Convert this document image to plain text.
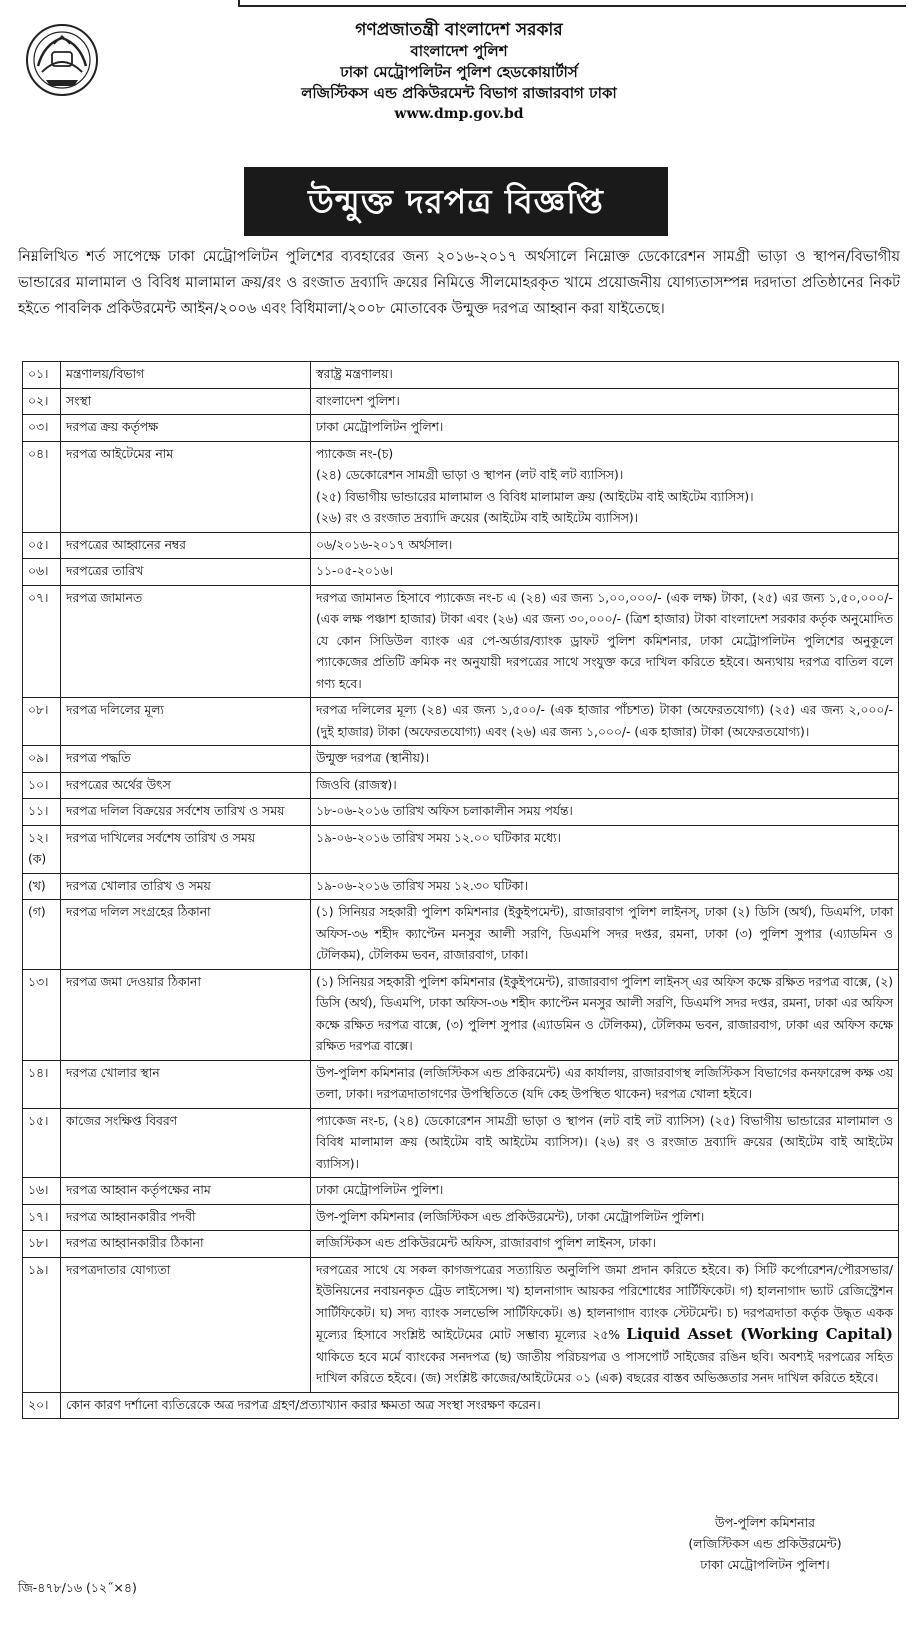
গণপ্রজাতন্ত্রী বাংলাদেশ সরকার
বাংলাদেশ পুলিশ
ঢাকা মেট্রোপলিটন পুলিশ হেডকোয়ার্টার্স
লজিস্টিকস এন্ড প্রকিউরমেন্ট বিভাগ রাজারবাগ ঢাকা
www.dmp.gov.bd
উন্মুক্ত দরপত্র বিজ্ঞপ্তি
নিম্নলিখিত শর্ত সাপেক্ষে ঢাকা মেট্রোপলিটন পুলিশের ব্যবহারের জন্য ২০১৬-২০১৭ অর্থসালে নিম্নোক্ত ডেকোরেশন সামগ্রী ভাড়া ও স্থাপন/বিভাগীয় ভান্ডারের মালামাল ও বিবিধ মালামাল ক্রয়/রং ও রংজাত দ্রব্যাদি ক্রয়ের নিমিত্তে সীলমোহরকৃত খামে প্রয়োজনীয় যোগ্যতাসম্পন্ন দরদাতা প্রতিষ্ঠানের নিকট হইতে পাবলিক প্রকিউরমেন্ট আইন/২০০৬ এবং বিধিমালা/২০০৮ মোতাবেক উন্মুক্ত দরপত্র আহ্বান করা যাইতেছে।
০১।	মন্ত্রণালয়/বিভাগ	স্বরাষ্ট্র মন্ত্রণালয়।
০২।	সংস্থা	বাংলাদেশ পুলিশ।
০৩।	দরপত্র ক্রয় কর্তৃপক্ষ	ঢাকা মেট্রোপলিটন পুলিশ।
০৪।	দরপত্র আইটেমের নাম	প্যাকেজ নং-(চ)
(২৪) ডেকোরেশন সামগ্রী ভাড়া ও স্থাপন (লট বাই লট ব্যাসিস)।
(২৫) বিভাগীয় ভান্ডারের মালামাল ও বিবিধ মালামাল ক্রয় (আইটেম বাই আইটেম ব্যাসিস)।
(২৬) রং ও রংজাত দ্রব্যাদি ক্রয়ের (আইটেম বাই আইটেম ব্যাসিস)।

০৫।	দরপত্রের আহ্বানের নম্বর	০৬/২০১৬-২০১৭ অর্থসাল।
০৬।	দরপত্রের তারিখ	১১-০৫-২০১৬।
০৭।	দরপত্র জামানত	দরপত্র জামানত হিসাবে প্যাকেজ নং-চ এ (২৪) এর জন্য ১,০০,০০০/- (এক লক্ষ) টাকা, (২৫) এর জন্য ১,৫০,০০০/- (এক লক্ষ পঞ্চাশ হাজার) টাকা এবং (২৬) এর জন্য ৩০,০০০/- (ত্রিশ হাজার) টাকা বাংলাদেশ সরকার কর্তৃক অনুমোদিত যে কোন সিডিউল ব্যাংক এর পে-অর্ডার/ব্যাংক ড্রাফট পুলিশ কমিশনার, ঢাকা মেট্রোপলিটন পুলিশের অনুকূলে প্যাকেজের প্রতিটি ক্রমিক নং অনুযায়ী দরপত্রের সাথে সংযুক্ত করে দাখিল করিতে হইবে। অন্যথায় দরপত্র বাতিল বলে গণ্য হবে।
০৮।	দরপত্র দলিলের মূল্য	দরপত্র দলিলের মূল্য (২৪) এর জন্য ১,৫০০/- (এক হাজার পাঁচশত) টাকা (অফেরতযোগ্য) (২৫) এর জন্য ২,০০০/- (দুই হাজার) টাকা (অফেরতযোগ্য) এবং (২৬) এর জন্য ১,০০০/- (এক হাজার) টাকা (অফেরতযোগ্য)।
০৯।	দরপত্র পদ্ধতি	উন্মুক্ত দরপত্র (স্থানীয়)।
১০।	দরপত্রের অর্থের উৎস	জিওবি (রাজস্ব)।
১১।	দরপত্র দলিল বিক্রয়ের সর্বশেষ তারিখ ও সময়	১৮-০৬-২০১৬ তারিখ অফিস চলাকালীন সময় পর্যন্ত।
১২।(ক)	দরপত্র দাখিলের সর্বশেষ তারিখ ও সময়	১৯-০৬-২০১৬ তারিখ সময় ১২.০০ ঘটিকার মধ্যে।
(খ)	দরপত্র খোলার তারিখ ও সময়	১৯-০৬-২০১৬ তারিখ সময় ১২.৩০ ঘটিকা।
(গ)	দরপত্র দলিল সংগ্রহের ঠিকানা	(১) সিনিয়র সহকারী পুলিশ কমিশনার (ইকুইপমেন্ট), রাজারবাগ পুলিশ লাইনস্, ঢাকা (২) ডিসি (অর্থ), ডিএমপি, ঢাকা অফিস-৩৬ শহীদ ক্যাপ্টেন মনসুর আলী সরণি, ডিএমপি সদর দপ্তর, রমনা, ঢাকা (৩) পুলিশ সুপার (এ্যাডমিন ও টেলিকম), টেলিকম ভবন, রাজারবাগ, ঢাকা।
১৩।	দরপত্র জমা দেওয়ার ঠিকানা	(১) সিনিয়র সহকারী পুলিশ কমিশনার (ইকুইপমেন্ট), রাজারবাগ পুলিশ লাইনস্ এর অফিস কক্ষে রক্ষিত দরপত্র বাক্সে, (২) ডিসি (অর্থ), ডিএমপি, ঢাকা অফিস-৩৬ শহীদ ক্যাপ্টেন মনসুর আলী সরণি, ডিএমপি সদর দপ্তর, রমনা, ঢাকা এর অফিস কক্ষে রক্ষিত দরপত্র বাক্সে, (৩) পুলিশ সুপার (এ্যাডমিন ও টেলিকম), টেলিকম ভবন, রাজারবাগ, ঢাকা এর অফিস কক্ষে রক্ষিত দরপত্র বাক্সে।
১৪।	দরপত্র খোলার স্থান	উপ-পুলিশ কমিশনার (লজিস্টিকস এন্ড প্রকিরমেন্ট) এর কার্যালয়, রাজারবাগস্থ লজিস্টিকস বিভাগের কনফারেন্স কক্ষ ৩য় তলা, ঢাকা। দরপত্রদাতাগণের উপস্থিতিতে (যদি কেহ উপস্থিত থাকেন) দরপত্র খোলা হইবে।
১৫।	কাজের সংক্ষিপ্ত বিবরণ	প্যাকেজ নং-চ, (২৪) ডেকোরেশন সামগ্রী ভাড়া ও স্থাপন (লট বাই লট ব্যাসিস) (২৫) বিভাগীয় ভান্ডারের মালামাল ও বিবিধ মালামাল ক্রয় (আইটেম বাই আইটেম ব্যাসিস)। (২৬) রং ও রংজাত দ্রব্যাদি ক্রয়ের (আইটেম বাই আইটেম ব্যাসিস)।
১৬।	দরপত্র আহ্বান কর্তৃপক্ষের নাম	ঢাকা মেট্রোপলিটন পুলিশ।
১৭।	দরপত্র আহ্বানকারীর পদবী	উপ-পুলিশ কমিশনার (লজিস্টিকস এন্ড প্রকিউরমেন্ট), ঢাকা মেট্রোপলিটন পুলিশ।
১৮।	দরপত্র আহ্বানকারীর ঠিকানা	লজিস্টিকস এন্ড প্রকিউরমেন্ট অফিস, রাজারবাগ পুলিশ লাইনস, ঢাকা।
১৯।	দরপত্রদাতার যোগ্যতা	দরপত্রের সাথে যে সকল কাগজপত্রের সত্যায়িত অনুলিপি জমা প্রদান করিতে হইবে। ক) সিটি কর্পোরেশন/পৌরসভার/ইউনিয়নের নবায়নকৃত ট্রেড লাইসেন্স। খ) হালনাগাদ আয়কর পরিশোধের সার্টিফিকেট। গ) হালনাগাদ ভ্যাট রেজিস্ট্রেশন সার্টিফিকেট। ঘ) সদ্য ব্যাংক সলভেন্সি সার্টিফিকেট। ঙ) হালনাগাদ ব্যাংক স্টেটমেন্ট। চ) দরপত্রদাতা কর্তৃক উদ্ধৃত একক মূল্যের হিসাবে সংশ্লিষ্ট আইটেমের মোট সম্ভাব্য মূল্যের ২৫% Liquid Asset (Working Capital) থাকিতে হবে মর্মে ব্যাংকের সনদপত্র (ছ) জাতীয় পরিচয়পত্র ও পাসপোর্ট সাইজের রঙিন ছবি। অবশ্যই দরপত্রের সহিত দাখিল করিতে হইবে। (জ) সংশ্লিষ্ট কাজের/আইটেমের ০১ (এক) বছরের বাস্তব অভিজ্ঞতার সনদ দাখিল করিতে হইবে।
২০।	কোন কারণ দর্শানো ব্যতিরেকে অত্র দরপত্র গ্রহণ/প্রত্যাখ্যান করার ক্ষমতা অত্র সংস্থা সংরক্ষণ করেন।	
উপ-পুলিশ কমিশনার
(লজিস্টিকস এন্ড প্রকিউরমেন্ট)
ঢাকা মেট্রোপলিটন পুলিশ।
জি-৪৭৮/১৬ (১২˝×৪)
